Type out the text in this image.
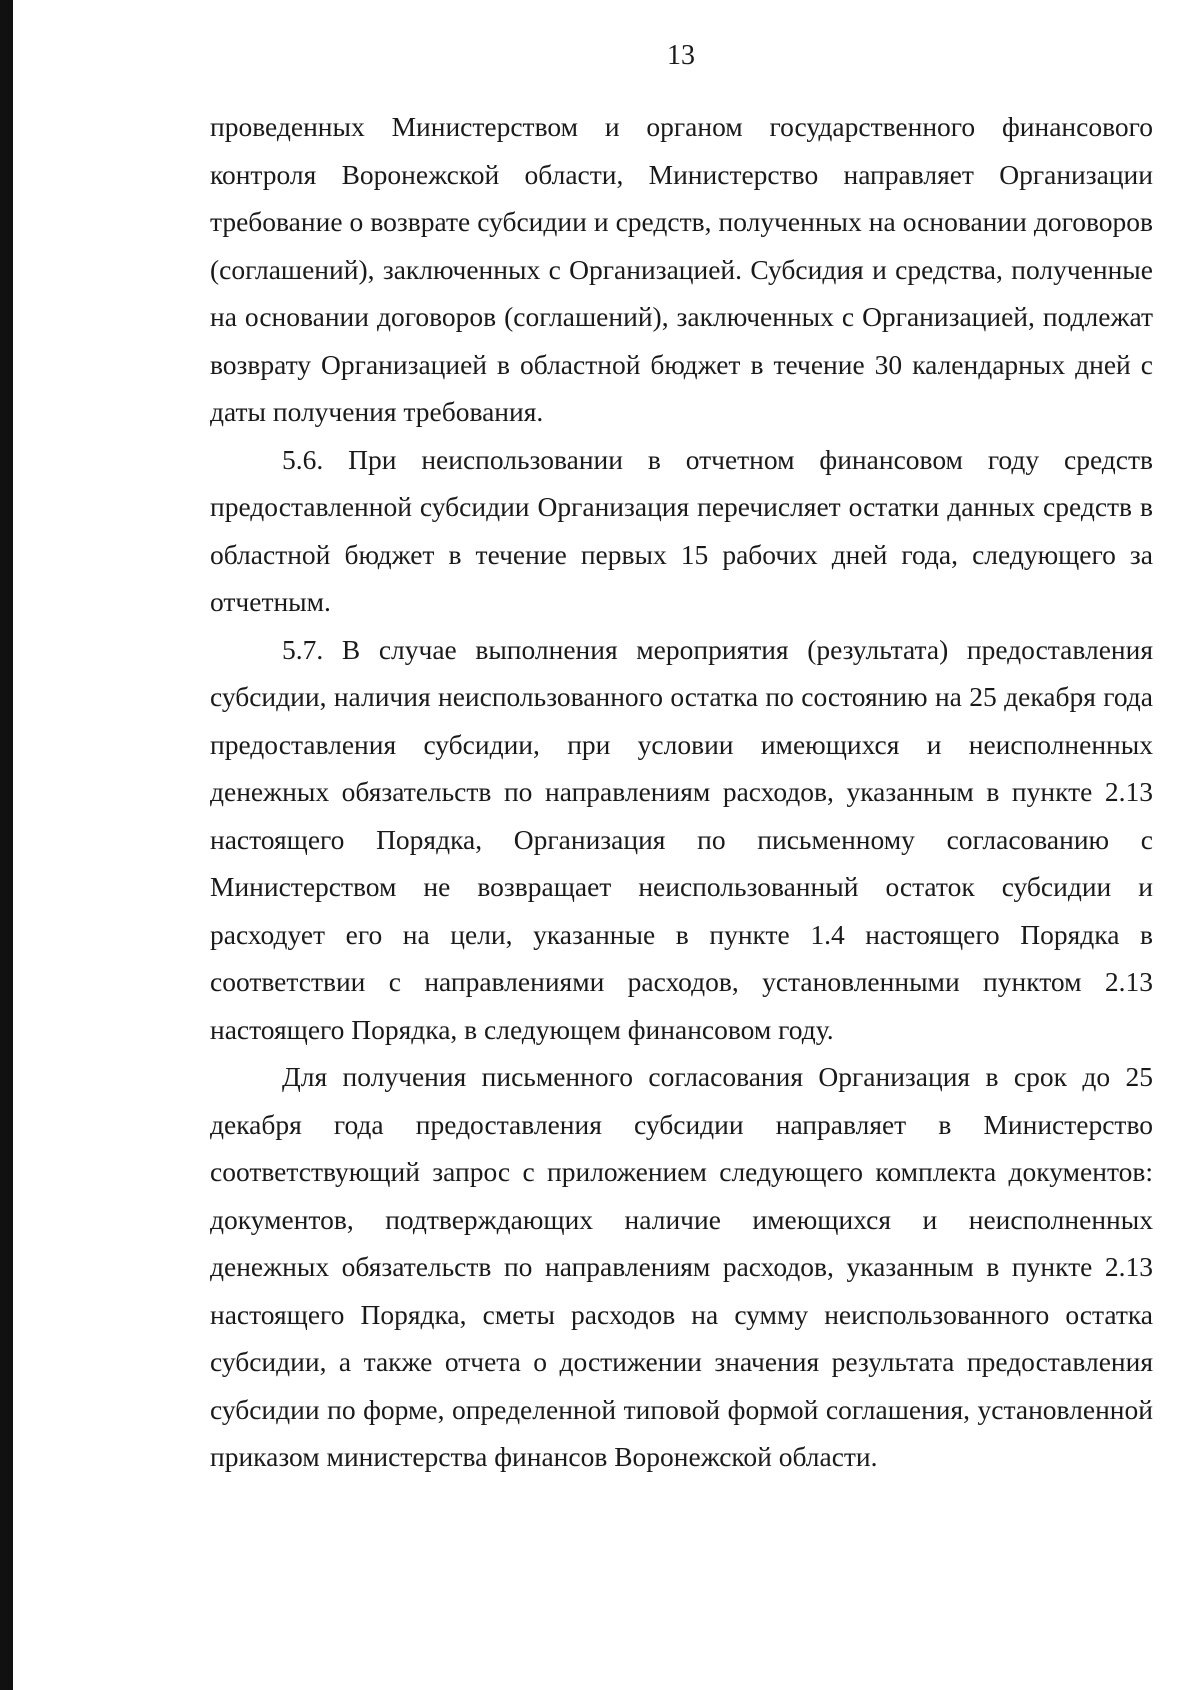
13

проведенных Министерством и органом государственного финансового контроля Воронежской области, Министерство направляет Организации требование о возврате субсидии и средств, полученных на основании договоров (соглашений), заключенных с Организацией. Субсидия и средства, полученные на основании договоров (соглашений), заключенных с Организацией, подлежат возврату Организацией в областной бюджет в течение 30 календарных дней с даты получения требования.

5.6. При неиспользовании в отчетном финансовом году средств предоставленной субсидии Организация перечисляет остатки данных средств в областной бюджет в течение первых 15 рабочих дней года, следующего за отчетным.

5.7. В случае выполнения мероприятия (результата) предоставления субсидии, наличия неиспользованного остатка по состоянию на 25 декабря года предоставления субсидии, при условии имеющихся и неисполненных денежных обязательств по направлениям расходов, указанным в пункте 2.13 настоящего Порядка, Организация по письменному согласованию с Министерством не возвращает неиспользованный остаток субсидии и расходует его на цели, указанные в пункте 1.4 настоящего Порядка в соответствии с направлениями расходов, установленными пунктом 2.13 настоящего Порядка, в следующем финансовом году.

Для получения письменного согласования Организация в срок до 25 декабря года предоставления субсидии направляет в Министерство соответствующий запрос с приложением следующего комплекта документов: документов, подтверждающих наличие имеющихся и неисполненных денежных обязательств по направлениям расходов, указанным в пункте 2.13 настоящего Порядка, сметы расходов на сумму неиспользованного остатка субсидии, а также отчета о достижении значения результата предоставления субсидии по форме, определенной типовой формой соглашения, установленной приказом министерства финансов Воронежской области.
